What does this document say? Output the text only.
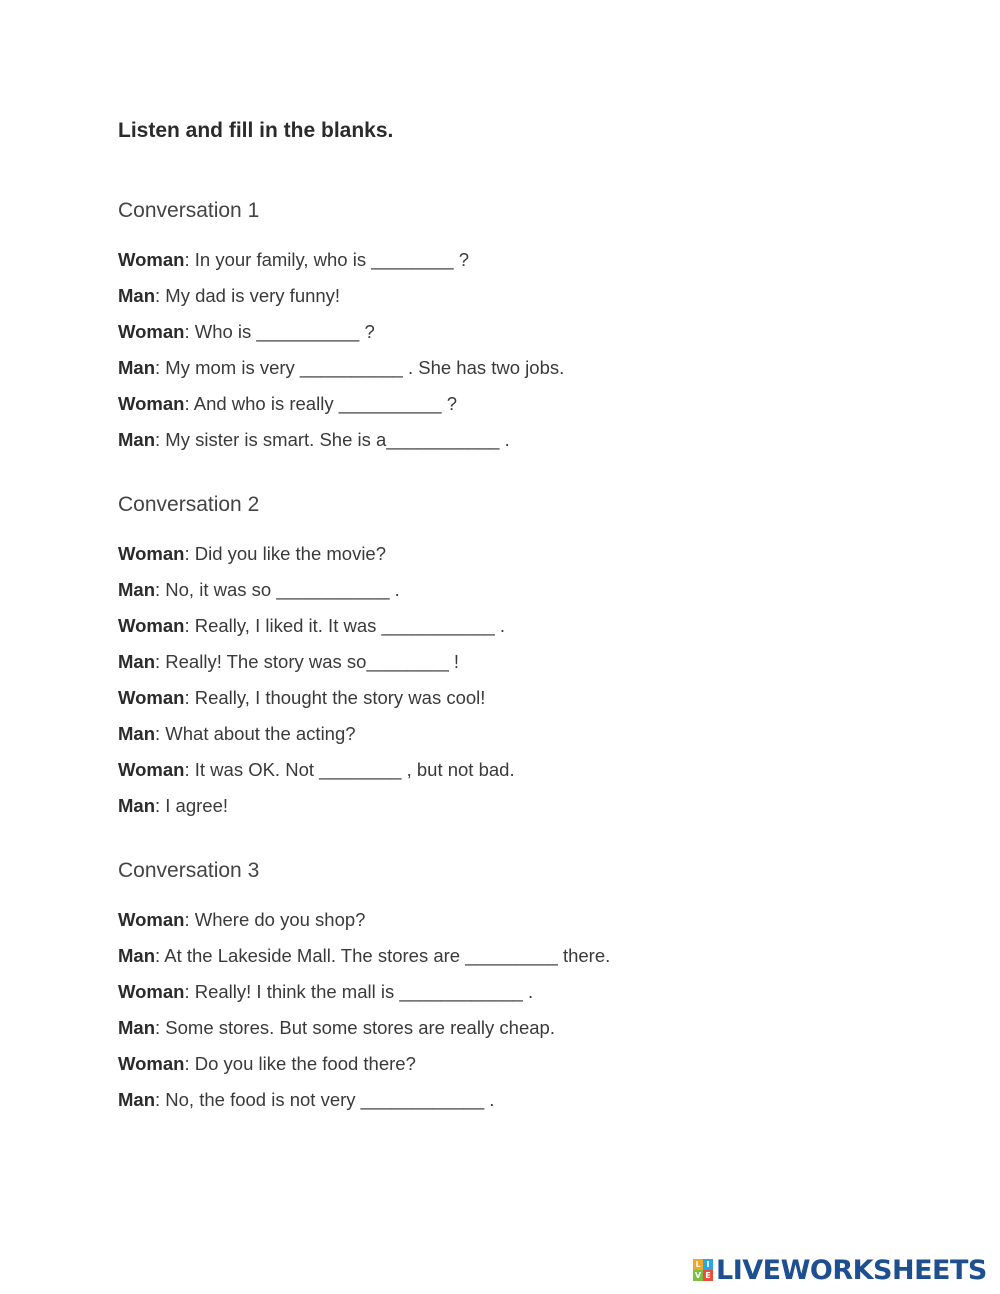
Listen and fill in the blanks.
Conversation 1
Woman: In your family, who is ________ ?
Man: My dad is very funny!
Woman: Who is __________ ?
Man: My mom is very __________ . She has two jobs.
Woman: And who is really __________ ?
Man: My sister is smart. She is a___________ .
Conversation 2
Woman: Did you like the movie?
Man: No, it was so ___________ .
Woman: Really, I liked it. It was ___________ .
Man: Really! The story was so________ !
Woman: Really, I thought the story was cool!
Man: What about the acting?
Woman: It was OK. Not ________ , but not bad.
Man: I agree!
Conversation 3
Woman: Where do you shop?
Man: At the Lakeside Mall. The stores are _________ there.
Woman: Really! I think the mall is ____________ .
Man: Some stores. But some stores are really cheap.
Woman: Do you like the food there?
Man: No, the food is not very ____________ .
L I
V E LIVEWORKSHEETS
